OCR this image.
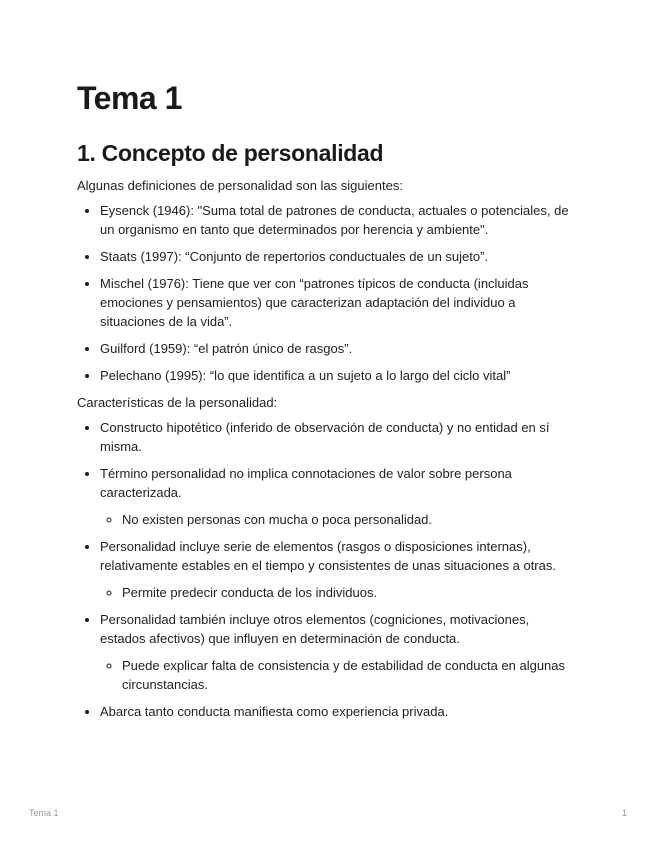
Tema 1
1. Concepto de personalidad

Algunas definiciones de personalidad son las siguientes:

• Eysenck (1946): "Suma total de patrones de conducta, actuales o potenciales, de un organismo en tanto que determinados por herencia y ambiente".
• Staats (1997): “Conjunto de repertorios conductuales de un sujeto”.
• Mischel (1976): Tiene que ver con “patrones típicos de conducta (incluidas emociones y pensamientos) que caracterizan adaptación del individuo a situaciones de la vida”.
• Guilford (1959): “el patrón único de rasgos”.
• Pelechano (1995): “lo que identifica a un sujeto a lo largo del ciclo vital”

Características de la personalidad:

• Constructo hipotético (inferido de observación de conducta) y no entidad en sí misma.
• Término personalidad no implica connotaciones de valor sobre persona caracterizada.
◦ No existen personas con mucha o poca personalidad.
• Personalidad incluye serie de elementos (rasgos o disposiciones internas), relativamente estables en el tiempo y consistentes de unas situaciones a otras.
◦ Permite predecir conducta de los individuos.
• Personalidad también incluye otros elementos (cogniciones, motivaciones, estados afectivos) que influyen en determinación de conducta.
◦ Puede explicar falta de consistencia y de estabilidad de conducta en algunas circunstancias.
• Abarca tanto conducta manifiesta como experiencia privada.
Tema 1	1
